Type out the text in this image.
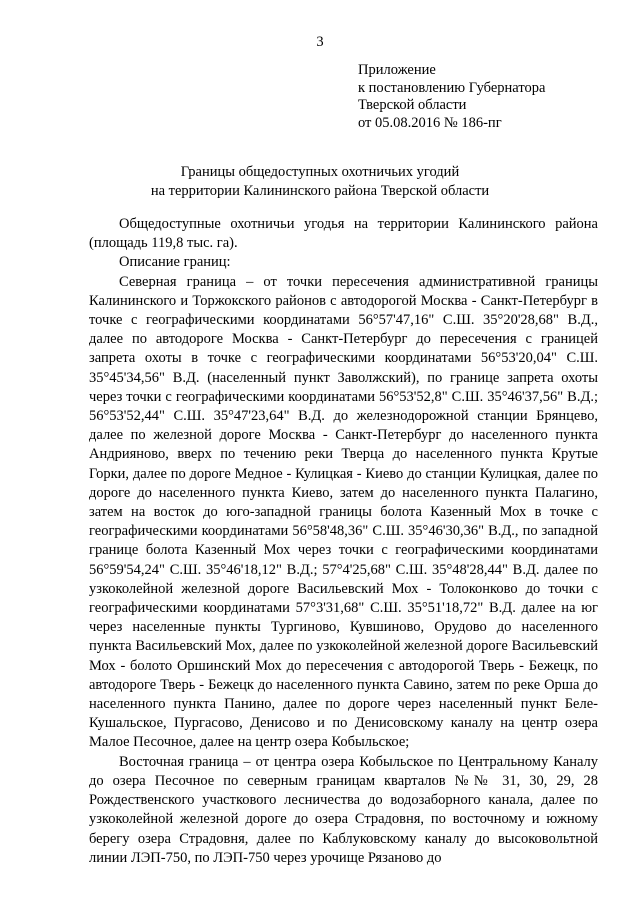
3
Приложение
к постановлению Губернатора
Тверской области
от 05.08.2016 № 186-пг
Границы общедоступных охотничьих угодий
на территории Калининского района Тверской области

Общедоступные охотничьи угодья на территории Калининского района (площадь 119,8 тыс. га).

Описание границ:

Северная граница – от точки пересечения административной границы Калининского и Торжокского районов с автодорогой Москва - Санкт-Петербург в точке с географическими координатами 56°57'47,16" С.Ш. 35°20'28,68" В.Д., далее по автодороге Москва - Санкт-Петербург до пересечения с границей запрета охоты в точке с географическими координатами 56°53'20,04" С.Ш. 35°45'34,56" В.Д. (населенный пункт Заволжский), по границе запрета охоты через точки с географическими координатами 56°53'52,8" С.Ш. 35°46'37,56" В.Д.; 56°53'52,44" С.Ш. 35°47'23,64" В.Д. до железнодорожной станции Брянцево, далее по железной дороге Москва - Санкт-Петербург до населенного пункта Андрияново, вверх по течению реки Тверца до населенного пункта Крутые Горки, далее по дороге Медное - Кулицкая - Киево до станции Кулицкая, далее по дороге до населенного пункта Киево, затем до населенного пункта Палагино, затем на восток до юго-западной границы болота Казенный Мох в точке с географическими координатами 56°58'48,36" С.Ш. 35°46'30,36" В.Д., по западной границе болота Казенный Мох через точки с географическими координатами 56°59'54,24" С.Ш. 35°46'18,12" В.Д.; 57°4'25,68" С.Ш. 35°48'28,44" В.Д. далее по узкоколейной железной дороге Васильевский Мох - Толоконково до точки с географическими координатами 57°3'31,68" С.Ш. 35°51'18,72" В.Д. далее на юг через населенные пункты Тургиново, Кувшиново, Орудово до населенного пункта Васильевский Мох, далее по узкоколейной железной дороге Васильевский Мох - болото Оршинский Мох до пересечения с автодорогой Тверь - Бежецк, по автодороге Тверь - Бежецк до населенного пункта Савино, затем по реке Орша до населенного пункта Панино, далее по дороге через населенный пункт Беле-Кушальское, Пургасово, Денисово и по Денисовскому каналу на центр озера Малое Песочное, далее на центр озера Кобыльское;

Восточная граница – от центра озера Кобыльское по Центральному Каналу до озера Песочное по северным границам кварталов №№ 31, 30, 29, 28 Рождественского участкового лесничества до водозаборного канала, далее по узкоколейной железной дороге до озера Страдовня, по восточному и южному берегу озера Страдовня, далее по Каблуковскому каналу до высоковольтной линии ЛЭП-750, по ЛЭП-750 через урочище Рязаново до
